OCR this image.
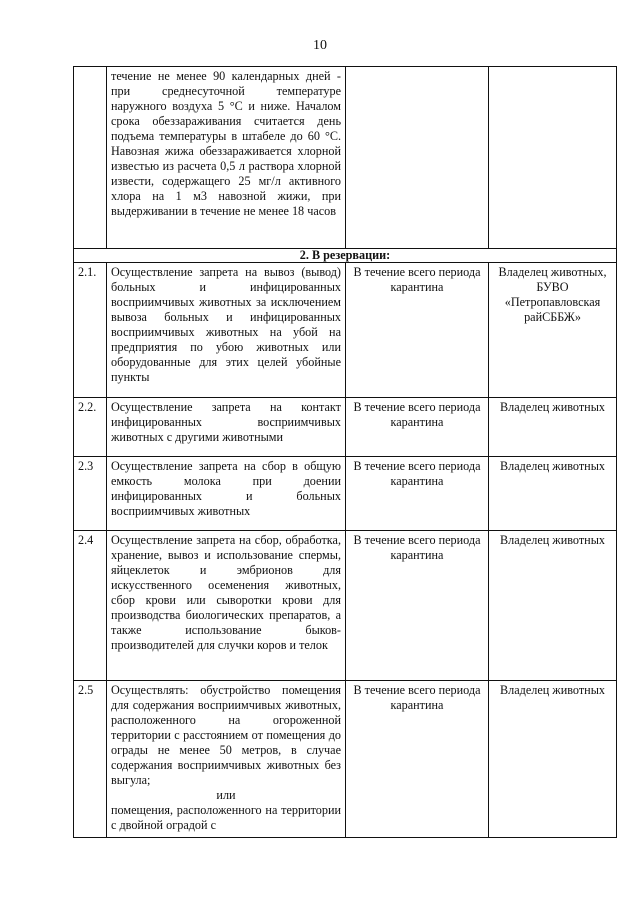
10
	течение не менее 90 календарных дней - при среднесуточной температуре наружного воздуха 5 °С и ниже. Началом срока обеззараживания считается день подъема температуры в штабеле до 60 °С. Навозная жижа обеззараживается хлорной известью из расчета 0,5 л раствора хлорной извести, содержащего 25 мг/л активного хлора на 1 м3 навозной жижи, при выдерживании в течение не менее 18 часов		
2. В резервации:			
2.1.	Осуществление запрета на вывоз (вывод) больных и инфицированных восприимчивых животных за исключением вывоза больных и инфицированных восприимчивых животных на убой на предприятия по убою животных или оборудованные для этих целей убойные пункты	В течение всего периода карантина	Владелец животных, БУВО «Петропавловская райСББЖ»
2.2.	Осуществление запрета на контакт инфицированных восприимчивых животных с другими животными	В течение всего периода карантина	Владелец животных
2.3	Осуществление запрета на сбор в общую емкость молока при доении инфицированных и больных восприимчивых животных	В течение всего периода карантина	Владелец животных
2.4	Осуществление запрета на сбор, обработка, хранение, вывоз и использование спермы, яйцеклеток и эмбрионов для искусственного осеменения животных, сбор крови или сыворотки крови для производства биологических препаратов, а также использование быков-производителей для случки коров и телок	В течение всего периода карантина	Владелец животных
2.5	Осуществлять: обустройство помещения для содержания восприимчивых животных, расположенного на огороженной территории с расстоянием от помещения до ограды не менее 50 метров, в случае содержания восприимчивых животных без выгула;
или
помещения, расположенного на территории с двойной оградой с	В течение всего периода карантина	Владелец животных
